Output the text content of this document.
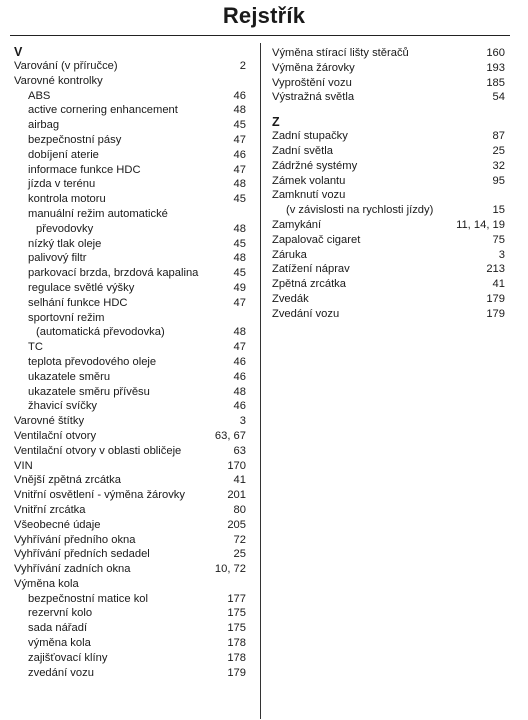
Rejstřík
V
Varování (v příručce)	2
Varovné kontrolky
ABS	46
active cornering enhancement	48
airbag	45
bezpečnostní pásy	47
dobíjení aterie	46
informace funkce HDC	47
jízda v terénu	48
kontrola motoru	45
manuální režim automatické
převodovky	48
nízký tlak oleje	45
palivový filtr	48
parkovací brzda, brzdová kapalina	45
regulace světlé výšky	49
selhání funkce HDC	47
sportovní režim
(automatická převodovka)	48
TC	47
teplota převodového oleje	46
ukazatele směru	46
ukazatele směru přívěsu	48
žhavicí svíčky	46
Varovné štítky	3
Ventilační otvory	63, 67
Ventilační otvory v oblasti obličeje	63
VIN	170
Vnější zpětná zrcátka	41
Vnitřní osvětlení - výměna žárovky	201
Vnitřní zrcátka	80
Všeobecné údaje	205
Vyhřívání předního okna	72
Vyhřívání předních sedadel	25
Vyhřívání zadních okna	10, 72
Výměna kola
bezpečnostní matice kol	177
rezervní kolo	175
sada nářadí	175
výměna kola	178
zajišťovací klíny	178
zvedání vozu	179
Výměna stírací lišty stěračů	160
Výměna žárovky	193
Vyproštění vozu	185
Výstražná světla	54
Z
Zadní stupačky	87
Zadní světla	25
Zádržné systémy	32
Zámek volantu	95
Zamknutí vozu
(v závislosti na rychlosti jízdy)	15
Zamykání	11, 14, 19
Zapalovač cigaret	75
Záruka	3
Zatížení náprav	213
Zpětná zrcátka	41
Zvedák	179
Zvedání vozu	179
